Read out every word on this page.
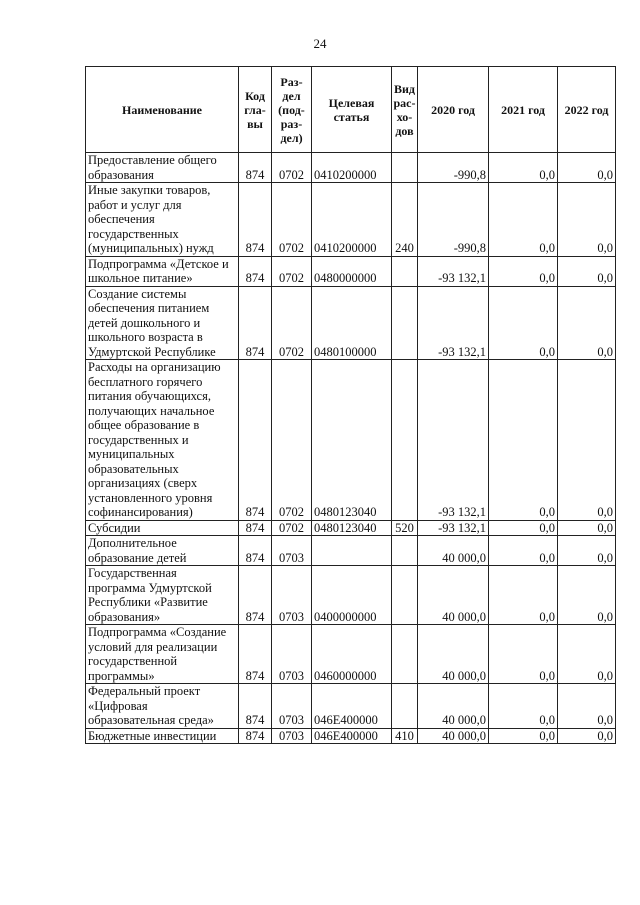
24
Наименование	Код гла-вы	Раз-дел (под-раз-дел)	Целевая статья	Вид рас-хо-дов	2020 год	2021 год	2022 год
Предоставление общего образования	874	0702	0410200000		-990,8	0,0	0,0
Иные закупки товаров, работ и услуг для обеспечения государственных (муниципальных) нужд	874	0702	0410200000	240	-990,8	0,0	0,0
Подпрограмма «Детское и школьное питание»	874	0702	0480000000		-93 132,1	0,0	0,0
Создание системы обеспечения питанием детей дошкольного и школьного возраста в Удмуртской Республике	874	0702	0480100000		-93 132,1	0,0	0,0
Расходы на организацию бесплатного горячего питания обучающихся, получающих начальное общее образование в государственных и муниципальных образовательных организациях (сверх установленного уровня софинансирования)	874	0702	0480123040		-93 132,1	0,0	0,0
Субсидии	874	0702	0480123040	520	-93 132,1	0,0	0,0
Дополнительное образование детей	874	0703			40 000,0	0,0	0,0
Государственная программа Удмуртской Республики «Развитие образования»	874	0703	0400000000		40 000,0	0,0	0,0
Подпрограмма «Создание условий для реализации государственной программы»	874	0703	0460000000		40 000,0	0,0	0,0
Федеральный проект «Цифровая образовательная среда»	874	0703	046E400000		40 000,0	0,0	0,0
Бюджетные инвестиции	874	0703	046E400000	410	40 000,0	0,0	0,0
